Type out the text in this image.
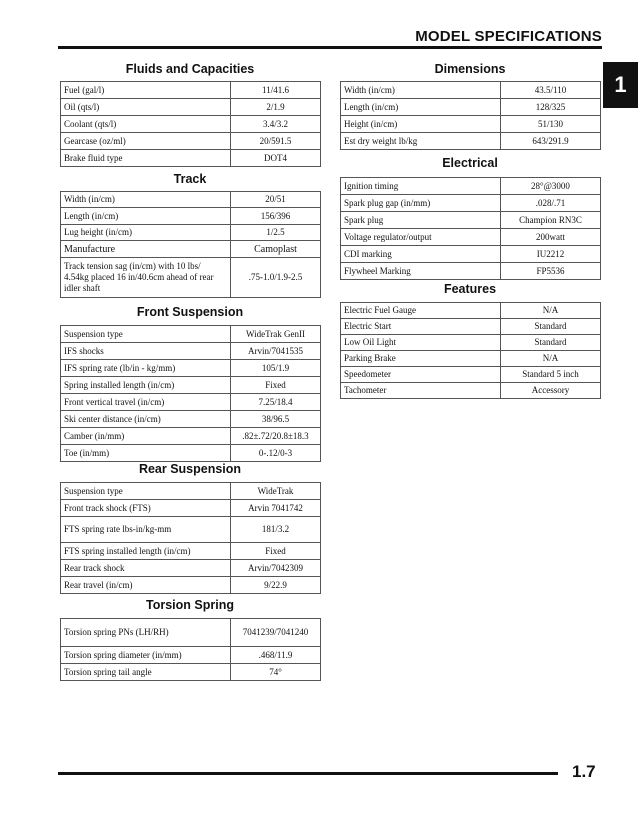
MODEL SPECIFICATIONS
1
Fluids and Capacities
Fuel (gal/l)	11/41.6
Oil (qts/l)	2/1.9
Coolant (qts/l)	3.4/3.2
Gearcase (oz/ml)	20/591.5
Brake fluid type	DOT4
Track
Width (in/cm)	20/51
Length (in/cm)	156/396
Lug height (in/cm)	1/2.5
Manufacture	Camoplast
Track tension sag (in/cm) with 10 lbs/ 4.54kg placed 16 in/40.6cm ahead of rear idler shaft	.75-1.0/1.9-2.5
Front Suspension
Suspension type	WideTrak GenII
IFS shocks	Arvin/7041535
IFS spring rate (lb/in - kg/mm)	105/1.9
Spring installed length (in/cm)	Fixed
Front vertical travel (in/cm)	7.25/18.4
Ski center distance (in/cm)	38/96.5
Camber (in/mm)	.82±.72/20.8±18.3
Toe (in/mm)	0-.12/0-3
Rear Suspension
Suspension type	WideTrak
Front track shock (FTS)	Arvin 7041742
FTS spring rate lbs-in/kg-mm	181/3.2
FTS spring installed length (in/cm)	Fixed
Rear track shock	Arvin/7042309
Rear travel (in/cm)	9/22.9
Torsion Spring
Torsion spring PNs (LH/RH)	7041239/7041240
Torsion spring diameter (in/mm)	.468/11.9
Torsion spring tail angle	74°
Dimensions
Width (in/cm)	43.5/110
Length (in/cm)	128/325
Height (in/cm)	51/130
Est dry weight lb/kg	643/291.9
Electrical
Ignition timing	28°@3000
Spark plug gap (in/mm)	.028/.71
Spark plug	Champion RN3C
Voltage regulator/output	200watt
CDI marking	IU2212
Flywheel Marking	FP5536
Features
Electric Fuel Gauge	N/A
Electric Start	Standard
Low Oil Light	Standard
Parking Brake	N/A
Speedometer	Standard 5 inch
Tachometer	Accessory
1.7
